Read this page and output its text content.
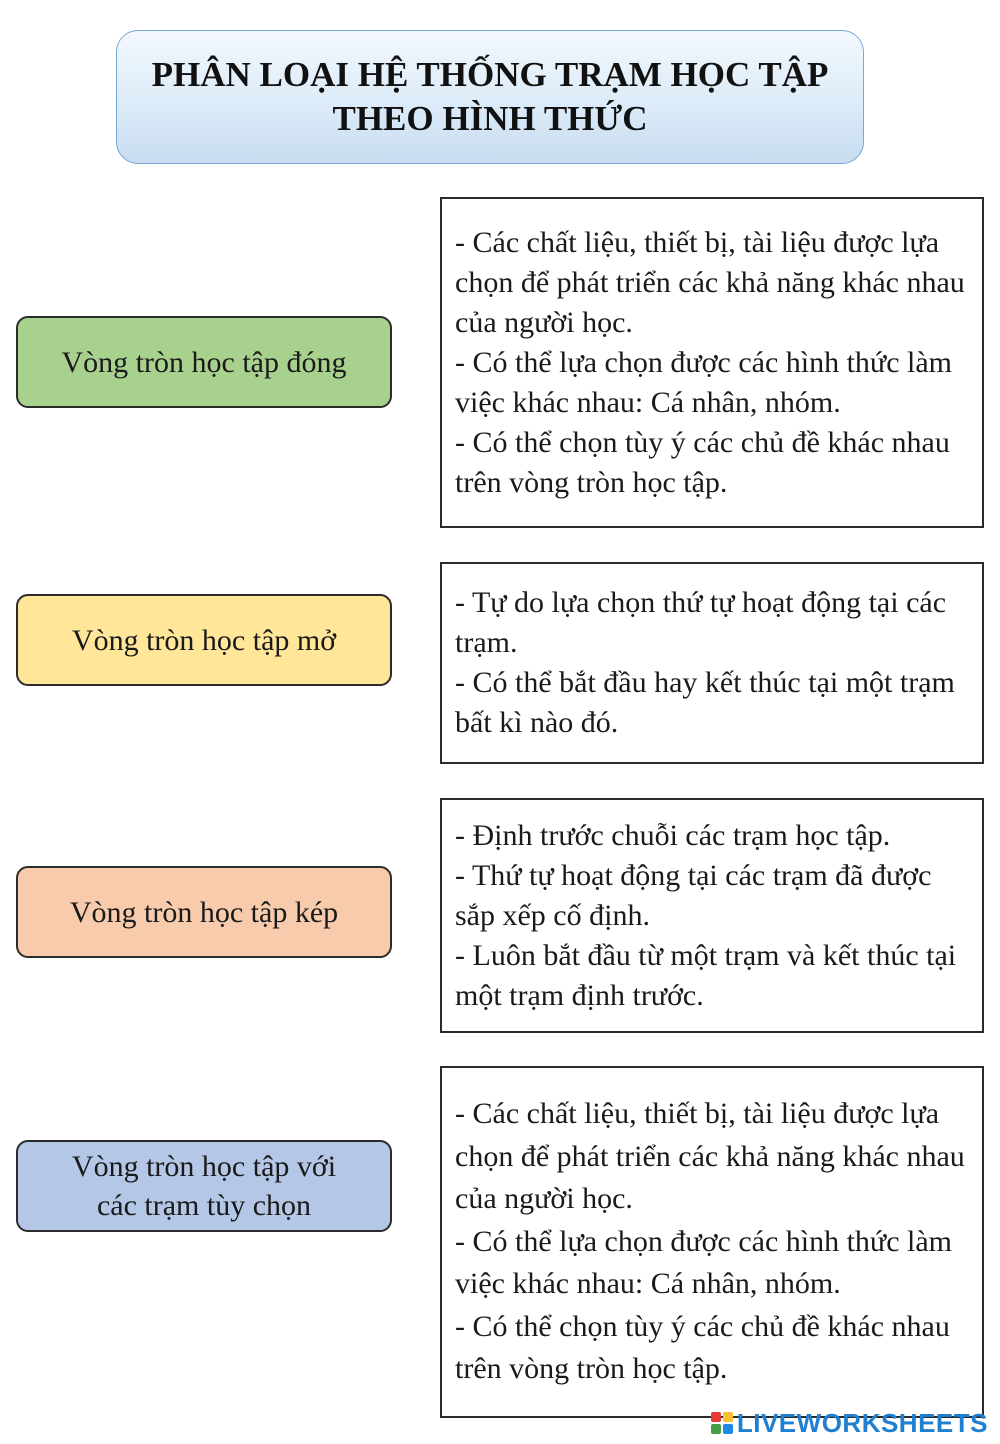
PHÂN LOẠI HỆ THỐNG TRẠM HỌC TẬP
THEO HÌNH THỨC
Vòng tròn học tập đóng
- Các chất liệu, thiết bị, tài liệu được lựa chọn để phát triển các khả năng khác nhau của người học.
- Có thể lựa chọn được các hình thức làm việc khác nhau: Cá nhân, nhóm.
- Có thể chọn tùy ý các chủ đề khác nhau trên vòng tròn học tập.
Vòng tròn học tập mở
- Tự do lựa chọn thứ tự hoạt động tại các trạm.
- Có thể bắt đầu hay kết thúc tại một trạm bất kì nào đó.
Vòng tròn học tập kép
- Định trước chuỗi các trạm học tập.
- Thứ tự hoạt động tại các trạm đã được sắp xếp cố định.
- Luôn bắt đầu từ một trạm và kết thúc tại một trạm định trước.
Vòng tròn học tập với
các trạm tùy chọn
- Các chất liệu, thiết bị, tài liệu được lựa chọn để phát triển các khả năng khác nhau của người học.
- Có thể lựa chọn được các hình thức làm việc khác nhau: Cá nhân, nhóm.
- Có thể chọn tùy ý các chủ đề khác nhau trên vòng tròn học tập.
LIVEWORKSHEETS
